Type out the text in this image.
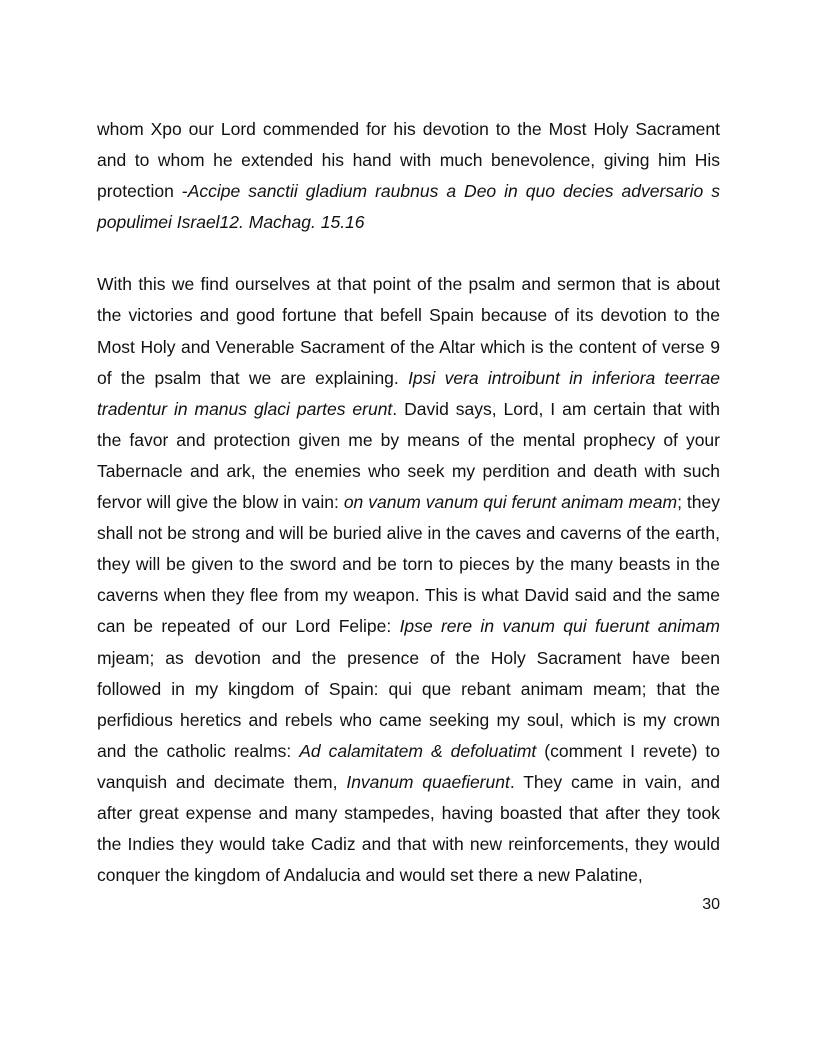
whom Xpo our Lord commended for his devotion to the Most Holy Sacrament and to whom he extended his hand with much benevolence, giving him His protection -Accipe sanctii gladium raubnus a Deo in quo decies adversario s populimei Israel12. Machag. 15.16

With this we find ourselves at that point of the psalm and sermon that is about the victories and good fortune that befell Spain because of its devotion to the Most Holy and Venerable Sacrament of the Altar which is the content of verse 9 of the psalm that we are explaining. Ipsi vera introibunt in inferiora teerrae tradentur in manus glaci partes erunt. David says, Lord, I am certain that with the favor and protection given me by means of the mental prophecy of your Tabernacle and ark, the enemies who seek my perdition and death with such fervor will give the blow in vain: on vanum vanum qui ferunt animam meam; they shall not be strong and will be buried alive in the caves and caverns of the earth, they will be given to the sword and be torn to pieces by the many beasts in the caverns when they flee from my weapon. This is what David said and the same can be repeated of our Lord Felipe: Ipse rere in vanum qui fuerunt animam mjeam; as devotion and the presence of the Holy Sacrament have been followed in my kingdom of Spain: qui que rebant animam meam; that the perfidious heretics and rebels who came seeking my soul, which is my crown and the catholic realms: Ad calamitatem & defoluatimt (comment I revete) to vanquish and decimate them, Invanum quaefierunt. They came in vain, and after great expense and many stampedes, having boasted that after they took the Indies they would take Cadiz and that with new reinforcements, they would conquer the kingdom of Andalucia and would set there a new Palatine,

30
